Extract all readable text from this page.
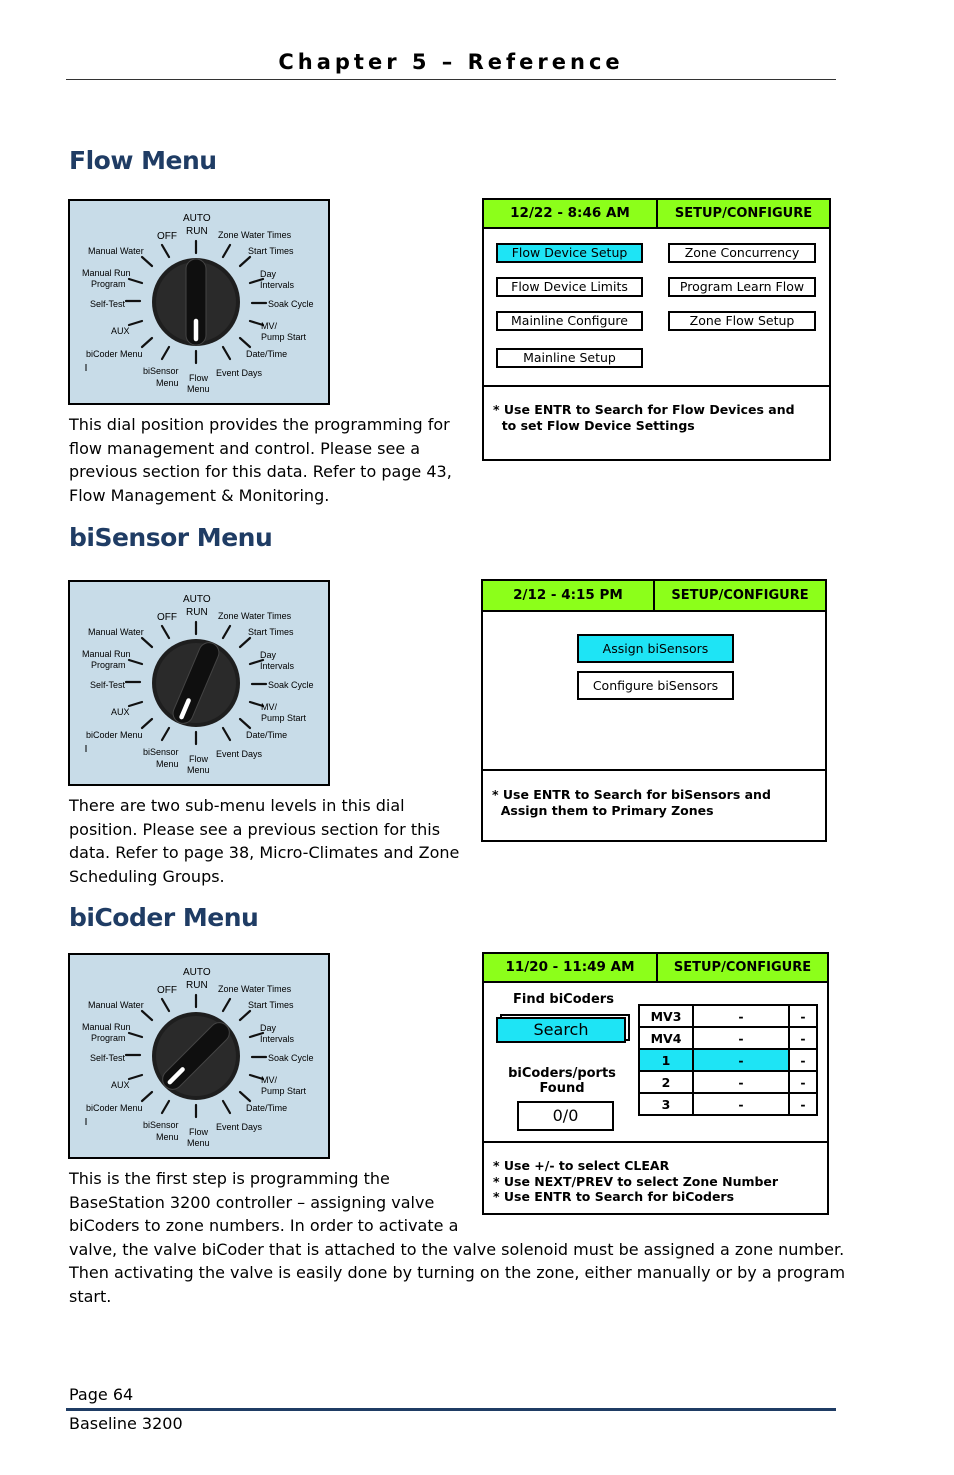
Chapter 5 – Reference
Flow Menu
AUTO
RUN
OFF	Zone Water Times
Start Times
Day
Intervals
Soak Cycle
MV/
Pump Start
Date/Time
Event Days
Flow
Menu
biSensor
Menu
biCoder Menu
AUX
Self-Test
Manual Run
Program
Manual Water
This dial position provides the programming for
flow management and control. Please see a
previous section for this data. Refer to page 43,
Flow Management & Monitoring.
12/22 - 8:46 AM	SETUP/CONFIGURE
Flow Device Setup	Zone Concurrency
Flow Device Limits	Program Learn Flow
Mainline Configure	Zone Flow Setup
Mainline Setup
* Use ENTR to Search for Flow Devices and
to set Flow Device Settings
biSensor Menu
AUTO
RUN
OFF	Zone Water Times
Start Times
Day
Intervals
Soak Cycle
MV/
Pump Start
Date/Time
Event Days
Flow
Menu
biSensor
Menu
biCoder Menu
AUX
Self-Test
Manual Run
Program
Manual Water
There are two sub-menu levels in this dial
position. Please see a previous section for this
data. Refer to page 38, Micro-Climates and Zone
Scheduling Groups.
2/12 - 4:15 PM	SETUP/CONFIGURE
Assign biSensors
Configure biSensors
* Use ENTR to Search for biSensors and
Assign them to Primary Zones
biCoder Menu
AUTO
RUN
OFF	Zone Water Times
Start Times
Day
Intervals
Soak Cycle
MV/
Pump Start
Date/Time
Event Days
Flow
Menu
biSensor
Menu
biCoder Menu
AUX
Self-Test
Manual Run
Program
Manual Water
This is the first step is programming the
BaseStation 3200 controller – assigning valve
biCoders to zone numbers. In order to activate a
valve, the valve biCoder that is attached to the valve solenoid must be assigned a zone number.
Then activating the valve is easily done by turning on the zone, either manually or by a program
start.
11/20 - 11:49 AM	SETUP/CONFIGURE
Find biCoders
Search
biCoders/ports
Found
0/0
MV3	-	-
MV4	-	-
1	-	-
2	-	-
3	-	-
* Use +/- to select CLEAR
* Use NEXT/PREV to select Zone Number
* Use ENTR to Search for biCoders
Page 64
Baseline 3200
